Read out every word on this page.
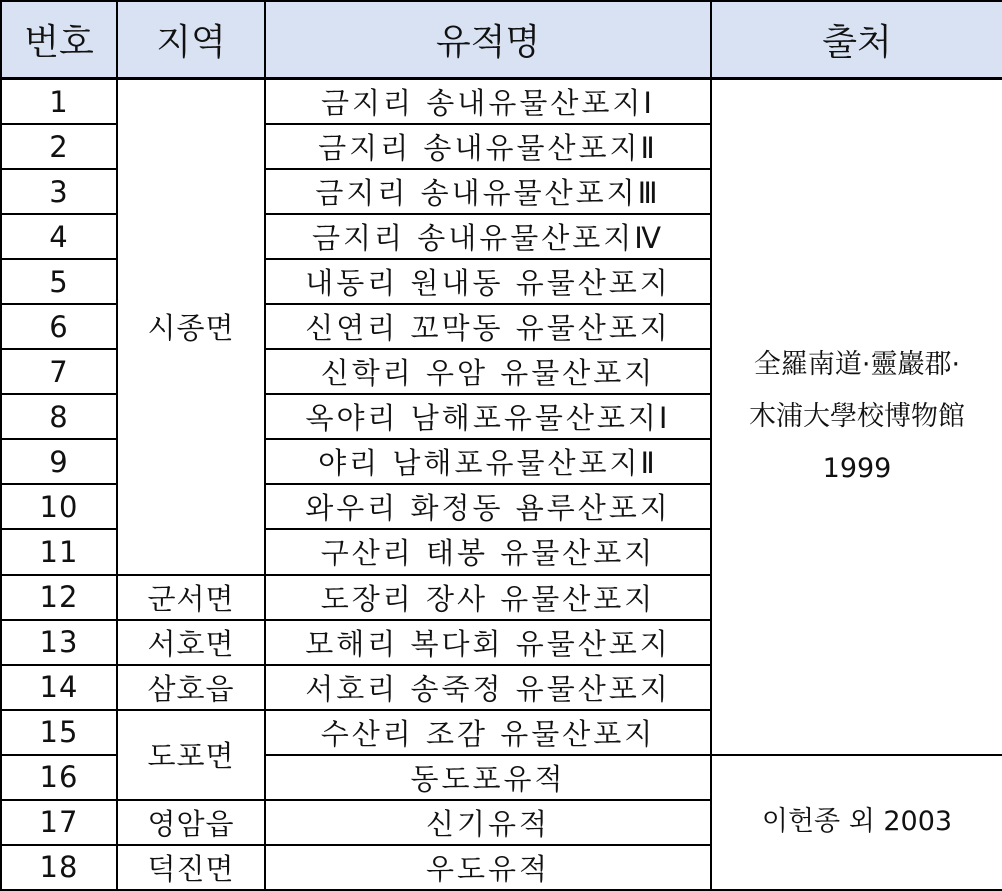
번호	지역	유적명	출처
1	시종면	금지리 송내유물산포지Ⅰ	全羅南道·靈巖郡·
木浦大學校博物館
1999

2		금지리 송내유물산포지Ⅱ	
3		금지리 송내유물산포지Ⅲ	
4		금지리 송내유물산포지Ⅳ	
5		내동리 원내동 유물산포지	
6		신연리 꼬막동 유물산포지	
7		신학리 우암 유물산포지	
8		옥야리 남해포유물산포지Ⅰ	
9		야리 남해포유물산포지Ⅱ	
10		와우리 화정동 욤루산포지	
11		구산리 태봉 유물산포지	
12	군서면	도장리 장사 유물산포지	
13	서호면	모해리 복다회 유물산포지	
14	삼호읍	서호리 송죽정 유물산포지	
15	도포면	수산리 조감 유물산포지	
16		동도포유적	이헌종 외 2003
17	영암읍	신기유적	
18	덕진면	우도유적	
